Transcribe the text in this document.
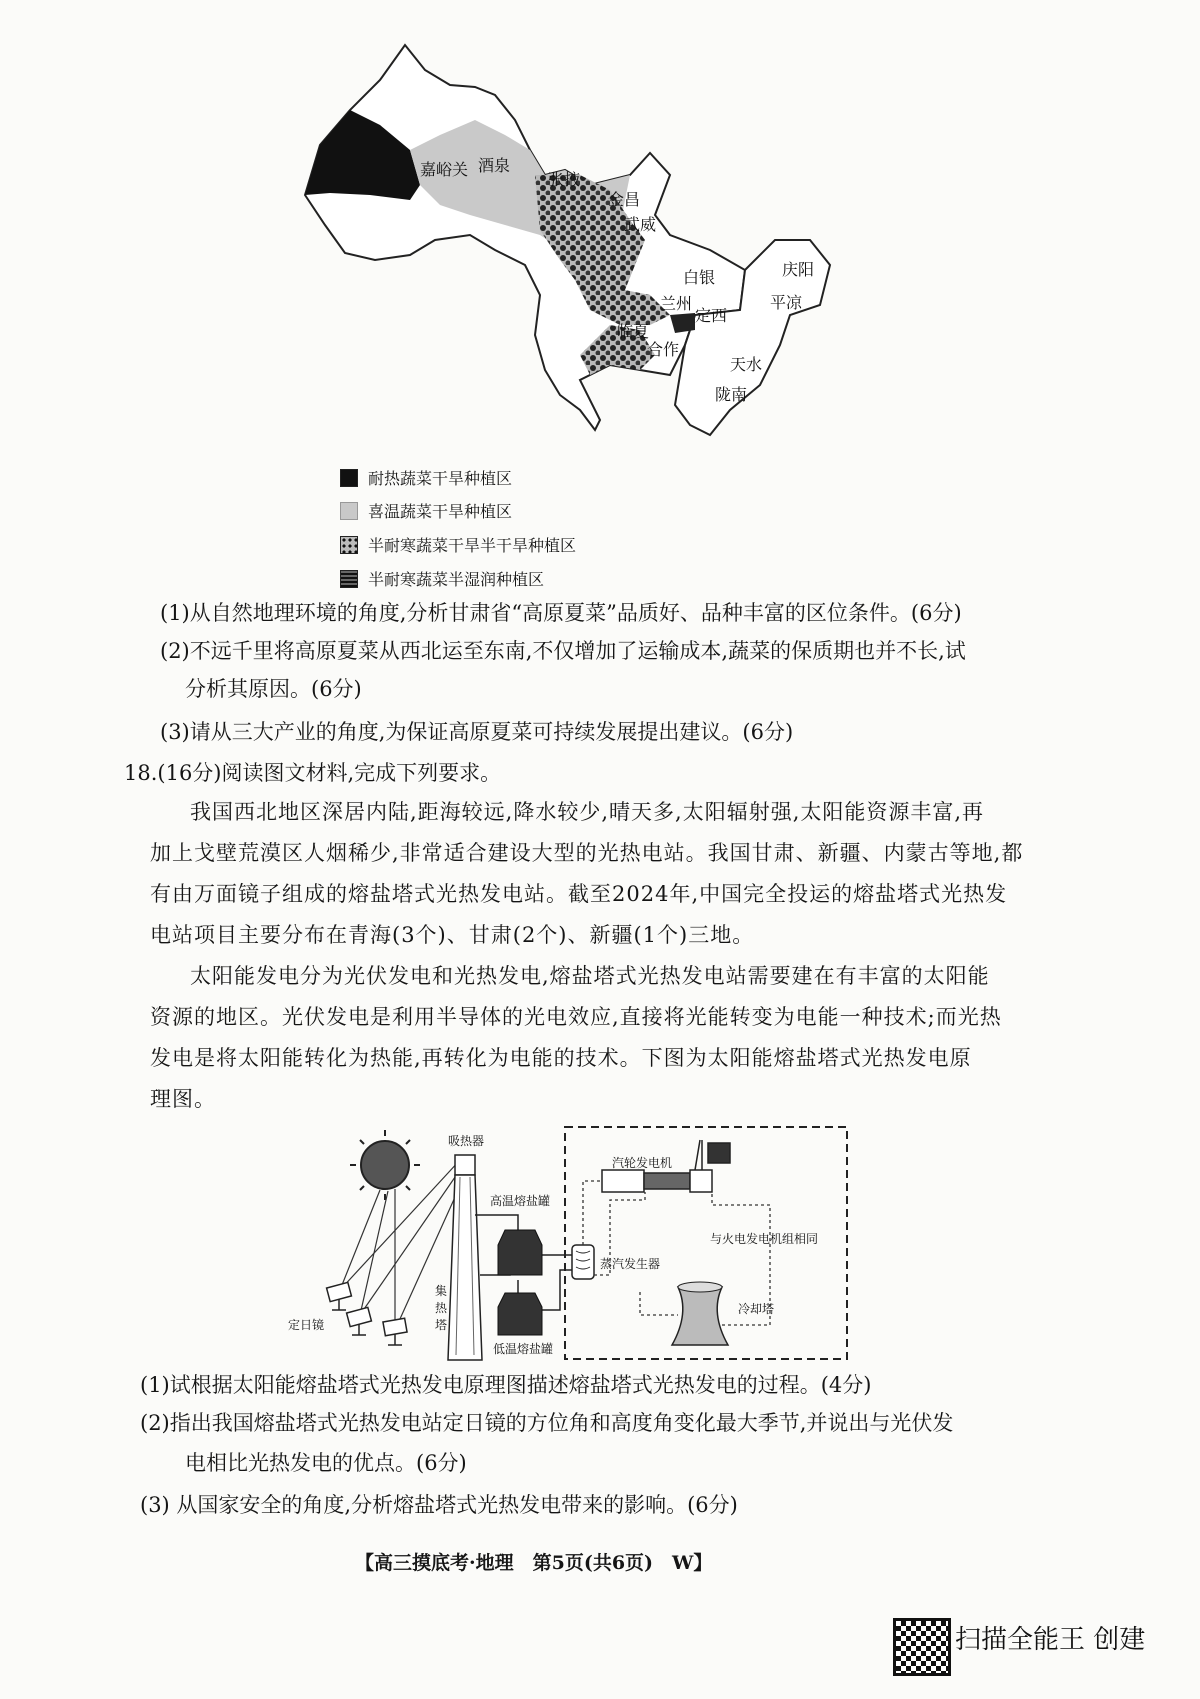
嘉峪关 酒泉
张掖
金昌
武威
白银
兰州
临夏
定西
合作
天水
陇南
庆阳
平凉
耐热蔬菜干旱种植区
喜温蔬菜干旱种植区
半耐寒蔬菜干旱半干旱种植区
半耐寒蔬菜半湿润种植区
(1)从自然地理环境的角度,分析甘肃省“高原夏菜”品质好、品种丰富的区位条件。(6分)
(2)不远千里将高原夏菜从西北运至东南,不仅增加了运输成本,蔬菜的保质期也并不长,试
分析其原因。(6分)
(3)请从三大产业的角度,为保证高原夏菜可持续发展提出建议。(6分)
18.(16分)阅读图文材料,完成下列要求。
我国西北地区深居内陆,距海较远,降水较少,晴天多,太阳辐射强,太阳能资源丰富,再
加上戈壁荒漠区人烟稀少,非常适合建设大型的光热电站。我国甘肃、新疆、内蒙古等地,都
有由万面镜子组成的熔盐塔式光热发电站。截至2024年,中国完全投运的熔盐塔式光热发
电站项目主要分布在青海(3个)、甘肃(2个)、新疆(1个)三地。
太阳能发电分为光伏发电和光热发电,熔盐塔式光热发电站需要建在有丰富的太阳能
资源的地区。光伏发电是利用半导体的光电效应,直接将光能转变为电能一种技术;而光热
发电是将太阳能转化为热能,再转化为电能的技术。下图为太阳能熔盐塔式光热发电原
理图。
定日镜
吸热器
集
热
塔
高温熔盐罐
低温熔盐罐
蒸汽发生器
汽轮发电机
与火电发电机组相同
冷却塔
(1)试根据太阳能熔盐塔式光热发电原理图描述熔盐塔式光热发电的过程。(4分)
(2)指出我国熔盐塔式光热发电站定日镜的方位角和高度角变化最大季节,并说出与光伏发
电相比光热发电的优点。(6分)
(3) 从国家安全的角度,分析熔盐塔式光热发电带来的影响。(6分)
【高三摸底考·地理　第5页(共6页)　W】
扫描全能王 创建
